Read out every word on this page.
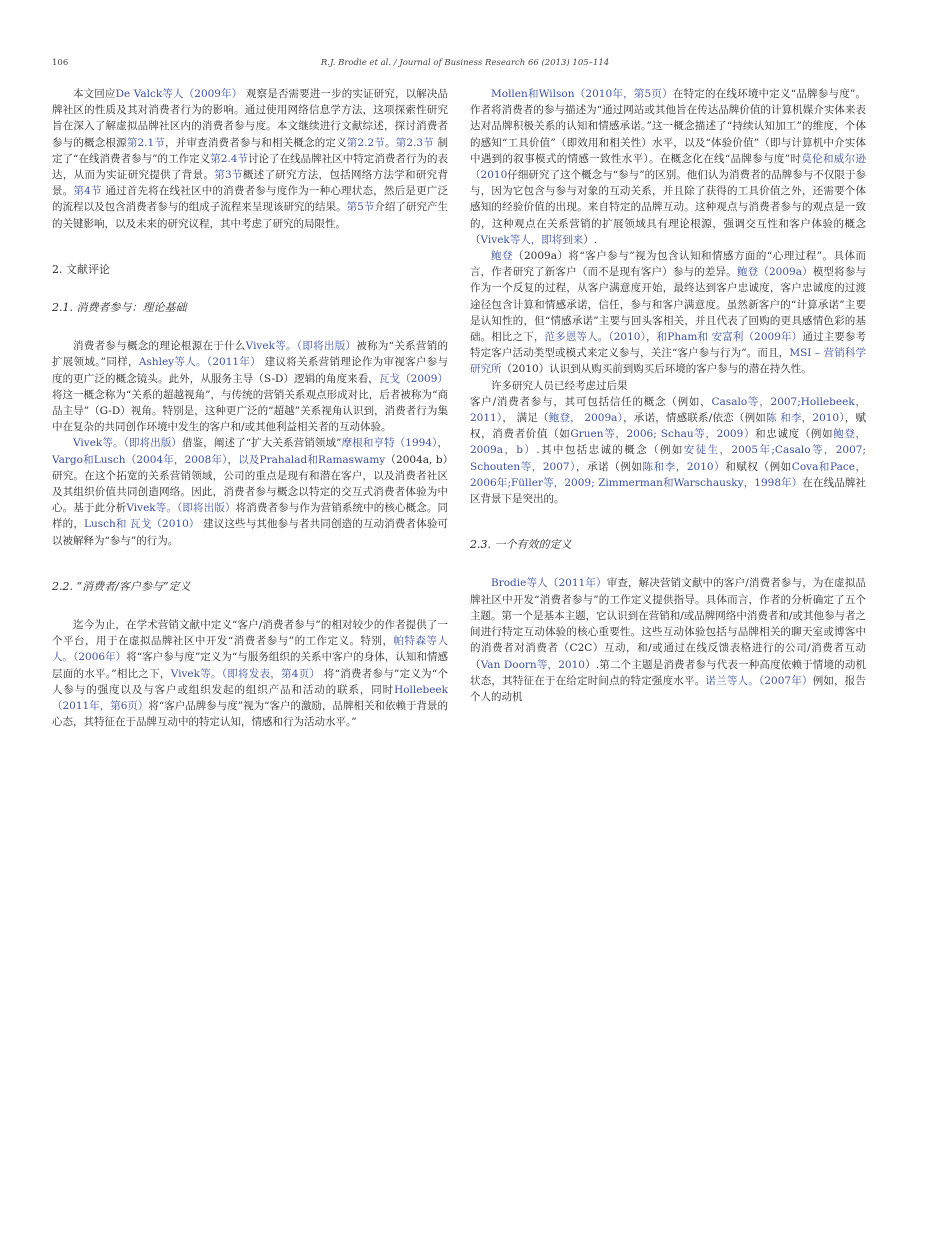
106	R.J. Brodie et al. / Journal of Business Research 66 (2013) 105–114

本文回应De Valck等人（2009年） 观察是否需要进一步的实证研究，以解决品牌社区的性质及其对消费者行为的影响。通过使用网络信息学方法，这项探索性研究旨在深入了解虚拟品牌社区内的消费者参与度。本文继续进行文献综述，探讨消费者参与的概念根源第2.1节，并审查消费者参与和相关概念的定义第2.2节。第2.3节 制定了“在线消费者参与”的工作定义第2.4节讨论了在线品牌社区中特定消费者行为的表达，从而为实证研究提供了背景。第3节概述了研究方法，包括网络方法学和研究背景。第4节 通过首先将在线社区中的消费者参与度作为一种心理状态，然后是更广泛的流程以及包含消费者参与的组成子流程来呈现该研究的结果。第5节介绍了研究产生的关键影响，以及未来的研究议程，其中考虑了研究的局限性。

2. 文献评论
2.1. 消费者参与：理论基础

消费者参与概念的理论根源在于什么Vivek等。（即将出版）被称为“关系营销的扩展领域。”同样，Ashley等人。（2011年） 建议将关系营销理论作为审视客户参与度的更广泛的概念镜头。此外，从服务主导（S-D）逻辑的角度来看，瓦戈（2009）将这一概念称为“关系的超越视角”，与传统的营销关系观点形成对比，后者被称为“商品主导”（G-D）视角。特别是，这种更广泛的“超越”关系视角认识到，消费者行为集中在复杂的共同创作环境中发生的客户和/或其他利益相关者的互动体验。

Vivek等。（即将出版）借鉴，阐述了“扩大关系营销领域”摩根和亨特（1994）， Vargo和Lusch（2004年，2008年），以及Prahalad和Ramaswamy（2004a, b）研究。在这个拓宽的关系营销领域，公司的重点是现有和潜在客户，以及消费者社区及其组织价值共同创造网络。因此，消费者参与概念以特定的交互式消费者体验为中心。基于此分析Vivek等。（即将出版）将消费者参与作为营销系统中的核心概念。同样的，Lusch和 瓦戈（2010） 建议这些与其他参与者共同创造的互动消费者体验可以被解释为“参与”的行为。

2.2. “消费者/客户参与”定义

迄今为止，在学术营销文献中定义“客户/消费者参与”的相对较少的作者提供了一个平台，用于在虚拟品牌社区中开发“消费者参与”的工作定义。特别，帕特森等人 人。（2006年）将“客户参与度”定义为“与服务组织的关系中客户的身体，认知和情感层面的水平。”相比之下，Vivek等。（即将发表，第4页） 将“消费者参与”定义为“个人参与的强度以及与客户或组织发起的组织产品和活动的联系，同时Hollebeek（2011年，第6页）将“客户品牌参与度”视为“客户的激励，品牌相关和依赖于背景的心态，其特征在于品牌互动中的特定认知，情感和行为活动水平。”

Mollen和Wilson（2010年，第5页）在特定的在线环境中定义“品牌参与度”。作者将消费者的参与描述为“通过网站或其他旨在传达品牌价值的计算机媒介实体来表达对品牌积极关系的认知和情感承诺。”这一概念描述了“持续认知加工”的维度，个体的感知“工具价值”（即效用和相关性）水平，以及“体验价值”（即与计算机中介实体中遇到的叙事模式的情感一致性水平）。在概念化在线“品牌参与度”时莫伦和威尔逊（2010仔细研究了这个概念与“参与”的区别。他们认为消费者的品牌参与不仅限于参与，因为它包含与参与对象的互动关系，并且除了获得的工具价值之外，还需要个体感知的经验价值的出现。来自特定的品牌互动。这种观点与消费者参与的观点是一致的，这种观点在关系营销的扩展领域具有理论根源，强调交互性和客户体验的概念（Vivek等人，即将到来）.

鲍登（2009a）将“客户参与”视为包含认知和情感方面的“心理过程”。具体而言，作者研究了新客户（而不是现有客户）参与的差异。鲍登（2009a）模型将参与作为一个反复的过程，从客户满意度开始，最终达到客户忠诚度，客户忠诚度的过渡途径包含计算和情感承诺，信任，参与和客户满意度。虽然新客户的“计算承诺”主要是认知性的，但“情感承诺”主要与回头客相关，并且代表了回购的更具感情色彩的基础。相比之下，范多恩等人。（2010），和Pham和 安富利（2009年）通过主要参考特定客户活动类型或模式来定义参与，关注“客户参与行为”。而且，MSI – 营销科学研究所（2010）认识到从购买前到购买后环境的客户参与的潜在持久性。

许多研究人员已经考虑过后果

客户/消费者参与，其可包括信任的概念（例如，Casalo等，2007;Hollebeek，2011）， 满足（鲍登， 2009a），承诺，情感联系/依恋（例如陈 和李，2010），赋权，消费者价值（如Gruen等，2006; Schau等，2009）和忠诚度（例如鲍登，2009a，b）.其中包括忠诚的概念（例如安徒生，2005年;Casalo等，2007; Schouten等，2007），承诺（例如陈和李，2010）和赋权（例如Cova和Pace，2006年;Füller等，2009; Zimmerman和Warschausky，1998年）在在线品牌社区背景下是突出的。

2.3. 一个有效的定义

Brodie等人（2011年）审查，解决营销文献中的客户/消费者参与，为在虚拟品牌社区中开发“消费者参与”的工作定义提供指导。具体而言，作者的分析确定了五个主题。第一个是基本主题，它认识到在营销和/或品牌网络中消费者和/或其他参与者之间进行特定互动体验的核心重要性。这些互动体验包括与品牌相关的聊天室或博客中的消费者对消费者（C2C）互动，和/或通过在线反馈表格进行的公司/消费者互动（Van Doorn等，2010）.第二个主题是消费者参与代表一种高度依赖于情境的动机状态，其特征在于在给定时间点的特定强度水平。诺兰等人。（2007年）例如，报告个人的动机
